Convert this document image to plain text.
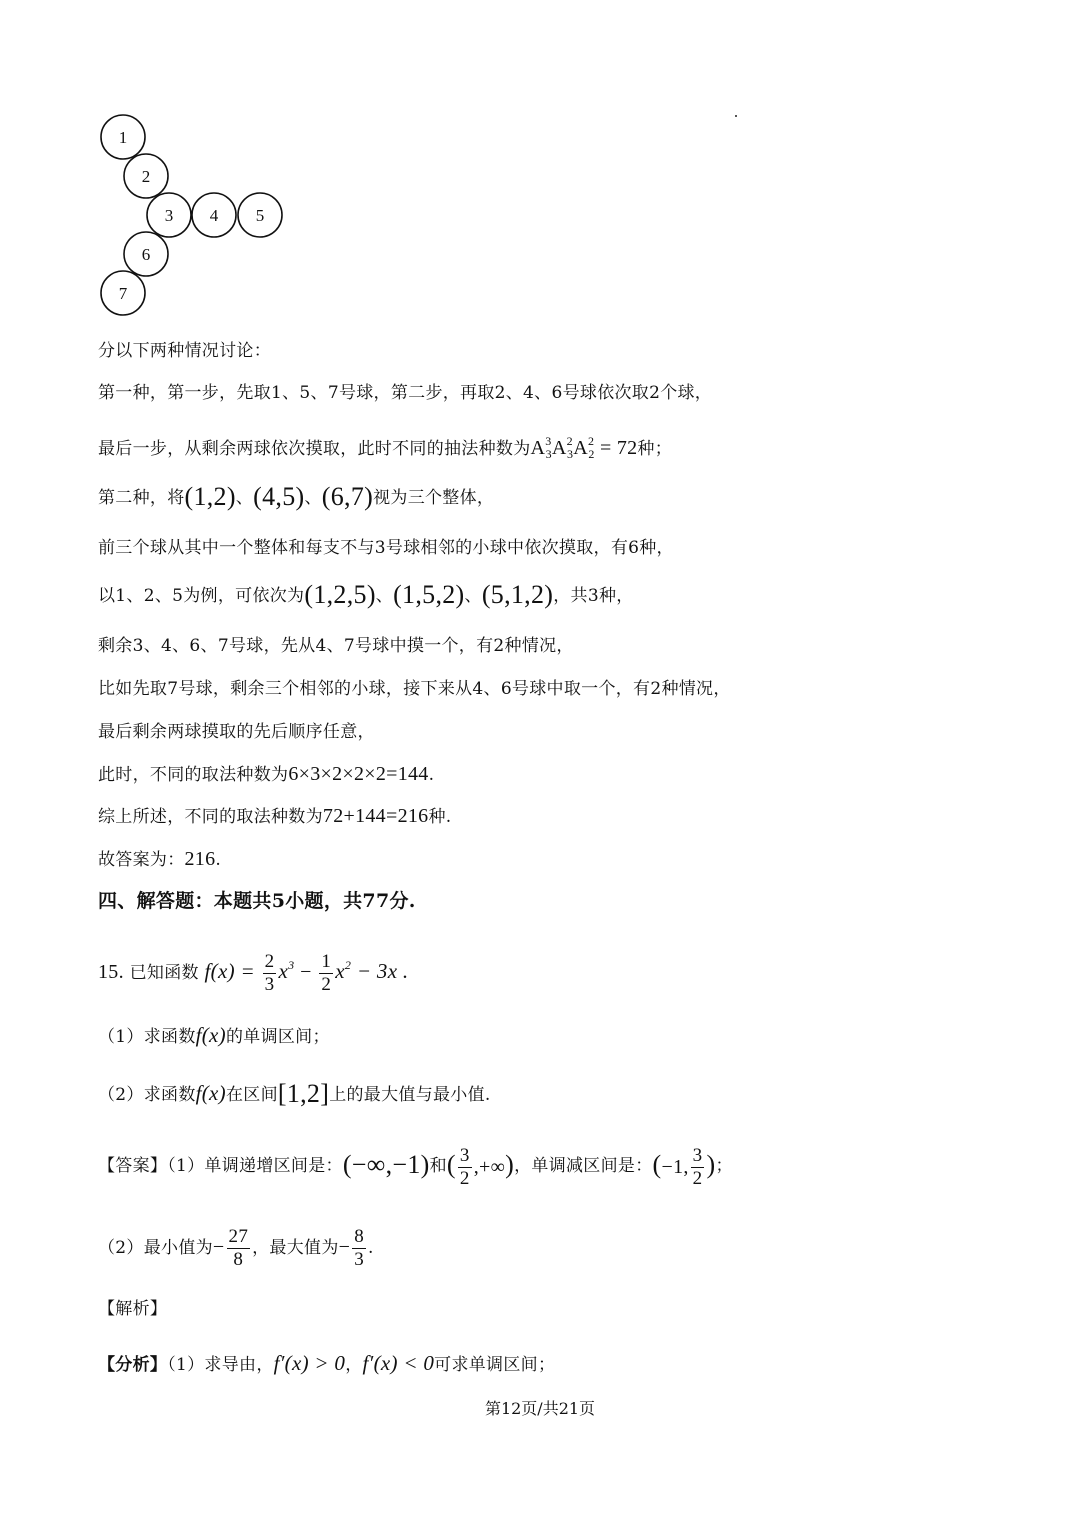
1
2
3 4 5
6
7
分以下两种情况讨论：
第一种，第一步，先取1、5、7号球，第二步，再取2、4、6号球依次取2个球，
最后一步，从剩余两球依次摸取，此时不同的抽法种数为$A^3_3A^2_3A^2_2 = 72$种；
第二种，将(1,2)、(4,5)、(6,7)视为三个整体，
前三个球从其中一个整体和每支不与3号球相邻的小球中依次摸取，有6种，
以1、2、5为例，可依次为(1,2,5)、(1,5,2)、(5,1,2)，共3种，
剩余3、4、6、7号球，先从4、7号球中摸一个，有2种情况，
比如先取7号球，剩余三个相邻的小球，接下来从4、6号球中取一个，有2种情况，
最后剩余两球摸取的先后顺序任意，
此时，不同的取法种数为6×3×2×2×2=144.
综上所述，不同的取法种数为72+144=216种.
故答案为：216.
四、解答题：本题共5小题，共77分.
15. 已知函数 $f(x) = \frac{2}{3} x^3 - \frac{1}{2} x^2 - 3x$ .
（1）求函数f(x)的单调区间；
（2）求函数f(x)在区间[1,2]上的最大值与最小值.
【答案】（1）单调递增区间是：(−∞,−1)和( $\frac{3}{2}$ ,+∞)，单调减区间是：(−1, $\frac{3}{2}$ )；
（2）最小值为− $\frac{27}{8}$ ，最大值为− $\frac{8}{3}$ .
【解析】
【分析】（1）求导由，f′(x) > 0，f′(x) < 0可求单调区间；
第12页/共21页
